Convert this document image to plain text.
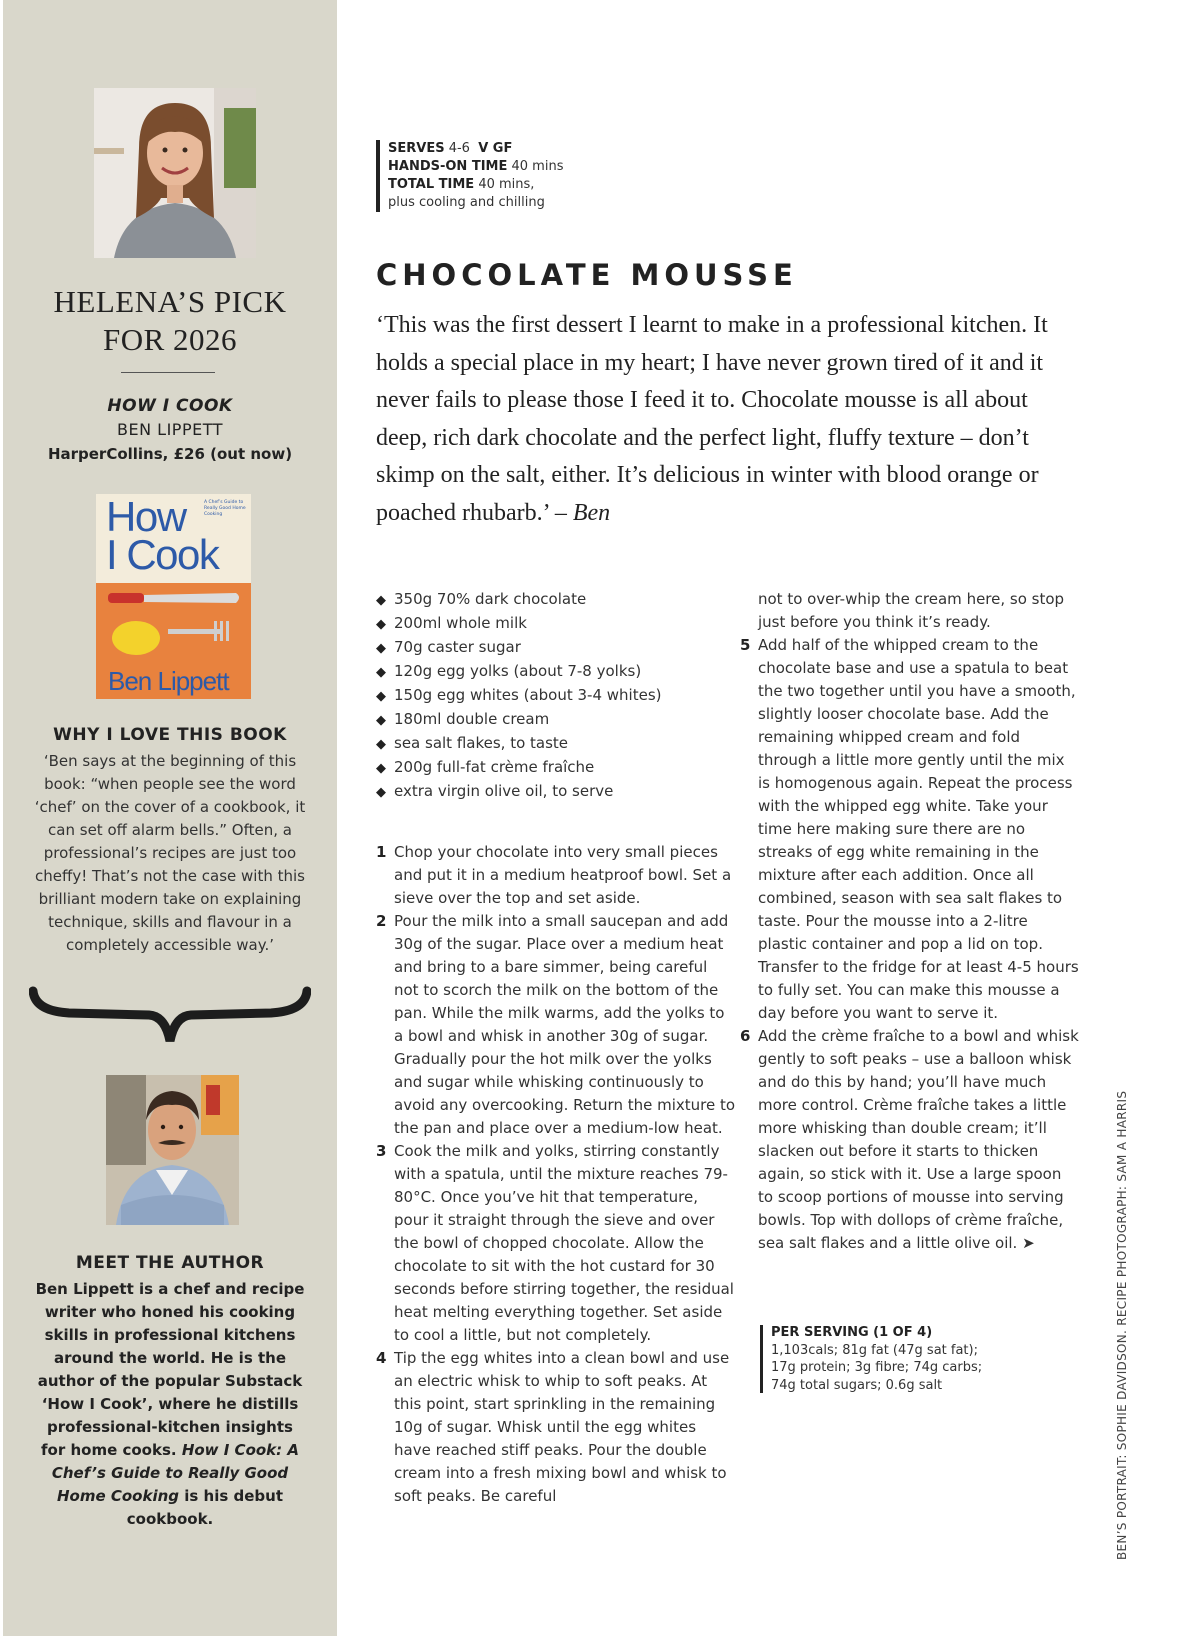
HELENA’S PICK
FOR 2026
HOW I COOK
BEN LIPPETT
HarperCollins, £26 (out now)
How
I Cook
A Chef’s Guide to Really Good Home Cooking
Ben Lippett
WHY I LOVE THIS BOOK
‘Ben says at the beginning of this book: “when people see the word ‘chef’ on the cover of a cookbook, it can set off alarm bells.” Often, a professional’s recipes are just too cheffy! That’s not the case with this brilliant modern take on explaining technique, skills and flavour in a completely accessible way.’
MEET THE AUTHOR
Ben Lippett is a chef and recipe writer who honed his cooking skills in professional kitchens around the world. He is the author of the popular Substack ‘How I Cook’, where he distills professional-kitchen insights for home cooks. How I Cook: A Chef’s Guide to Really Good Home Cooking is his debut cookbook.
SERVES 4-6 V GF
HANDS-ON TIME 40 mins
TOTAL TIME 40 mins,
plus cooling and chilling
CHOCOLATE MOUSSE
‘This was the first dessert I learnt to make in a professional kitchen. It holds a special place in my heart; I have never grown tired of it and it never fails to please those I feed it to. Chocolate mousse is all about deep, rich dark chocolate and the perfect light, fluffy texture – don’t skimp on the salt, either. It’s delicious in winter with blood orange or poached rhubarb.’ – Ben
◆ 350g 70% dark chocolate
◆ 200ml whole milk
◆ 70g caster sugar
◆ 120g egg yolks (about 7-8 yolks)
◆ 150g egg whites (about 3-4 whites)
◆ 180ml double cream
◆ sea salt flakes, to taste
◆ 200g full-fat crème fraîche
◆ extra virgin olive oil, to serve
1 Chop your chocolate into very small pieces and put it in a medium heatproof bowl. Set a sieve over the top and set aside.

2 Pour the milk into a small saucepan and add 30g of the sugar. Place over a medium heat and bring to a bare simmer, being careful not to scorch the milk on the bottom of the pan. While the milk warms, add the yolks to a bowl and whisk in another 30g of sugar. Gradually pour the hot milk over the yolks and sugar while whisking continuously to avoid any overcooking. Return the mixture to the pan and place over a medium-low heat.

3 Cook the milk and yolks, stirring constantly with a spatula, until the mixture reaches 79-80°C. Once you’ve hit that temperature, pour it straight through the sieve and over the bowl of chopped chocolate. Allow the chocolate to sit with the hot custard for 30 seconds before stirring together, the residual heat melting everything together. Set aside to cool a little, but not completely.

4 Tip the egg whites into a clean bowl and use an electric whisk to whip to soft peaks. At this point, start sprinkling in the remaining 10g of sugar. Whisk until the egg whites have reached stiff peaks. Pour the double cream into a fresh mixing bowl and whisk to soft peaks. Be careful

not to over-whip the cream here, so stop just before you think it’s ready.

5 Add half of the whipped cream to the chocolate base and use a spatula to beat the two together until you have a smooth, slightly looser chocolate base. Add the remaining whipped cream and fold through a little more gently until the mix is homogenous again. Repeat the process with the whipped egg white. Take your time here making sure there are no streaks of egg white remaining in the mixture after each addition. Once all combined, season with sea salt flakes to taste. Pour the mousse into a 2-litre plastic container and pop a lid on top. Transfer to the fridge for at least 4-5 hours to fully set. You can make this mousse a day before you want to serve it.

6 Add the crème fraîche to a bowl and whisk gently to soft peaks – use a balloon whisk and do this by hand; you’ll have much more control. Crème fraîche takes a little more whisking than double cream; it’ll slacken out before it starts to thicken again, so stick with it. Use a large spoon to scoop portions of mousse into serving bowls. Top with dollops of crème fraîche, sea salt flakes and a little olive oil. ➤

PER SERVING (1 OF 4)
1,103cals; 81g fat (47g sat fat);
17g protein; 3g fibre; 74g carbs;
74g total sugars; 0.6g salt	BEN’S PORTRAIT: SOPHIE DAVIDSON. RECIPE PHOTOGRAPH: SAM A HARRIS
